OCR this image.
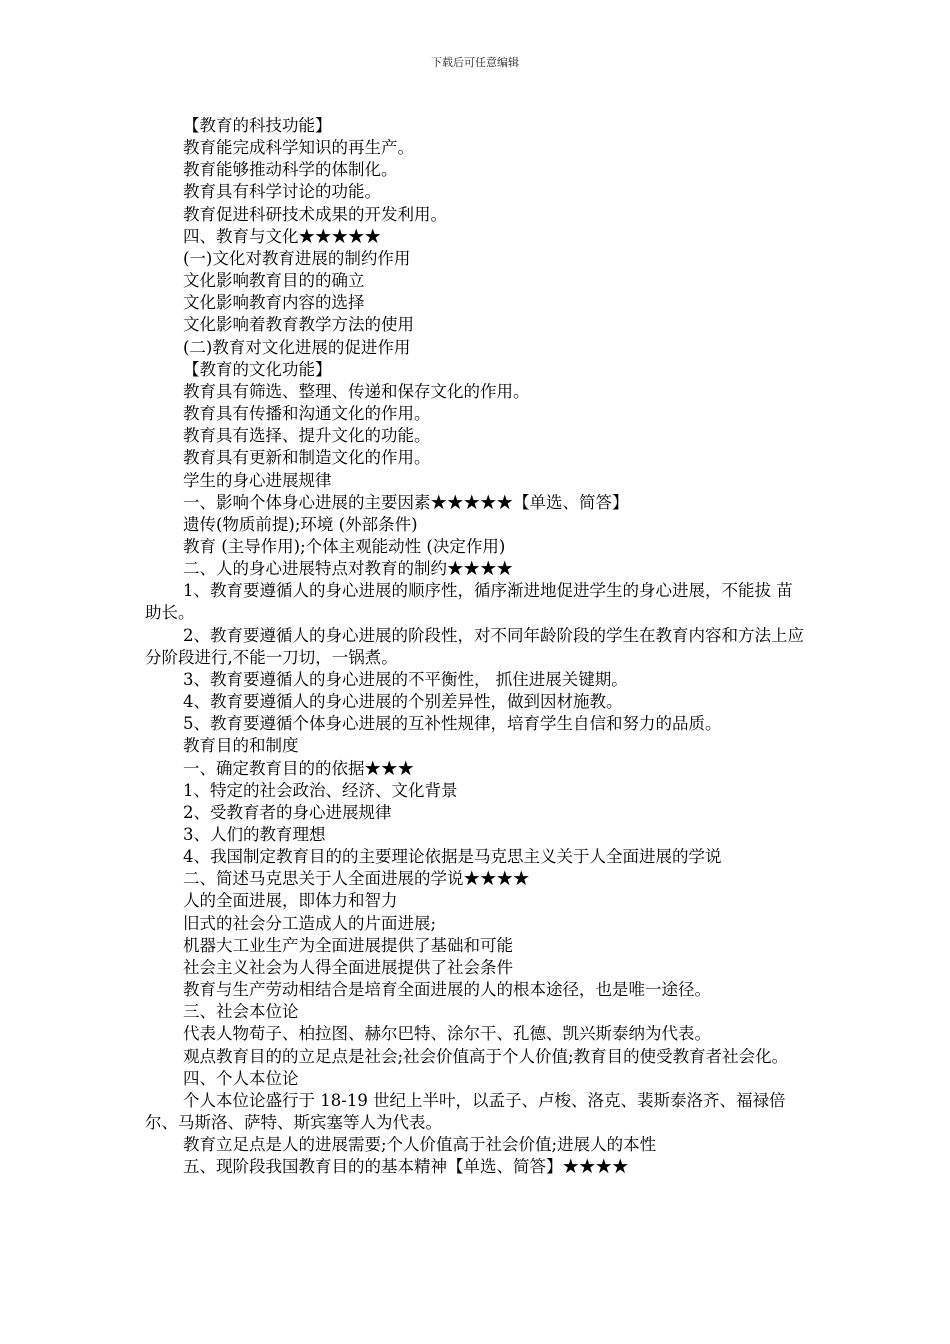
下载后可任意编辑

【教育的科技功能】

教育能完成科学知识的再生产。

教育能够推动科学的体制化。

教育具有科学讨论的功能。

教育促进科研技术成果的开发利用。

四、教育与文化★★★★★

(一)文化对教育进展的制约作用

文化影响教育目的的确立

文化影响教育内容的选择

文化影响着教育教学方法的使用

(二)教育对文化进展的促进作用

【教育的文化功能】

教育具有筛选、整理、传递和保存文化的作用。

教育具有传播和沟通文化的作用。

教育具有选择、提升文化的功能。

教育具有更新和制造文化的作用。

学生的身心进展规律

一、影响个体身心进展的主要因素★★★★★【单选、简答】

遗传(物质前提);环境 (外部条件)

教育 (主导作用);个体主观能动性 (决定作用)

二、人的身心进展特点对教育的制约★★★★

1、教育要遵循人的身心进展的顺序性，循序渐进地促进学生的身心进展，不能拔 苗助长。

2、教育要遵循人的身心进展的阶段性，对不同年龄阶段的学生在教育内容和方法上应分阶段进行,不能一刀切，一锅煮。

3、教育要遵循人的身心进展的不平衡性， 抓住进展关键期。

4、教育要遵循人的身心进展的个别差异性，做到因材施教。

5、教育要遵循个体身心进展的互补性规律，培育学生自信和努力的品质。

教育目的和制度

一、确定教育目的的依据★★★

1、特定的社会政治、经济、文化背景

2、受教育者的身心进展规律

3、人们的教育理想

4、我国制定教育目的的主要理论依据是马克思主义关于人全面进展的学说

二、简述马克思关于人全面进展的学说★★★★

人的全面进展，即体力和智力

旧式的社会分工造成人的片面进展;

机器大工业生产为全面进展提供了基础和可能

社会主义社会为人得全面进展提供了社会条件

教育与生产劳动相结合是培育全面进展的人的根本途径，也是唯一途径。

三、社会本位论

代表人物荀子、柏拉图、赫尔巴特、涂尔干、孔德、凯兴斯泰纳为代表。

观点教育目的的立足点是社会;社会价值高于个人价值;教育目的使受教育者社会化。

四、个人本位论

个人本位论盛行于 18-19 世纪上半叶，以孟子、卢梭、洛克、裴斯泰洛齐、福禄倍尔、马斯洛、萨特、斯宾塞等人为代表。

教育立足点是人的进展需要;个人价值高于社会价值;进展人的本性

五、现阶段我国教育目的的基本精神【单选、简答】★★★★
